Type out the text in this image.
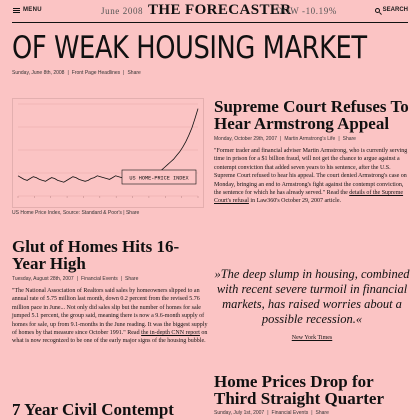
MENU	June 2008 THE FORECASTER
DOW -10.19%	SEARCH
OF WEAK HOUSING MARKET
Sunday, June 8th, 2008 | Front Page Headlines | Share
US HOME-PRICE INDEX
US Home Price Index, Source: Standard & Poor's | Share
Supreme Court Refuses To Hear Armstrong Appeal
Monday, October 29th, 2007 | Martin Armstrong's Life | Share

"Former trader and financial adviser Martin Armstrong, who is currently serving time in prison for a $1 billion fraud, will not get the chance to argue against a contempt conviction that added seven years to his sentence, after the U.S. Supreme Court refused to hear his appeal. The court denied Armstrong's case on Monday, bringing an end to Armstrong's fight against the contempt conviction, the sentence for which he has already served." Read the details of the Supreme Court's refusal in Law360's October 29, 2007 article.

Glut of Homes Hits 16-Year High
Tuesday, August 28th, 2007 | Financial Events | Share

"The National Association of Realtors said sales by homeowners slipped to an annual rate of 5.75 million last month, down 0.2 percent from the revised 5.76 million pace in June... Not only did sales slip but the number of homes for sale jumped 5.1 percent, the group said, meaning there is now a 9.6-month supply of homes for sale, up from 9.1-months in the June reading. It was the biggest supply of homes by that measure since October 1991." Read the in-depth CNN report on what is now recognized to be one of the early major signs of the housing bubble.

7 Year Civil Contempt

»The deep slump in housing, combined with recent severe turmoil in financial markets, has raised worries about a possible recession.«

New York Times

Home Prices Drop for Third Straight Quarter
Sunday, July 1st, 2007 | Financial Events | Share
